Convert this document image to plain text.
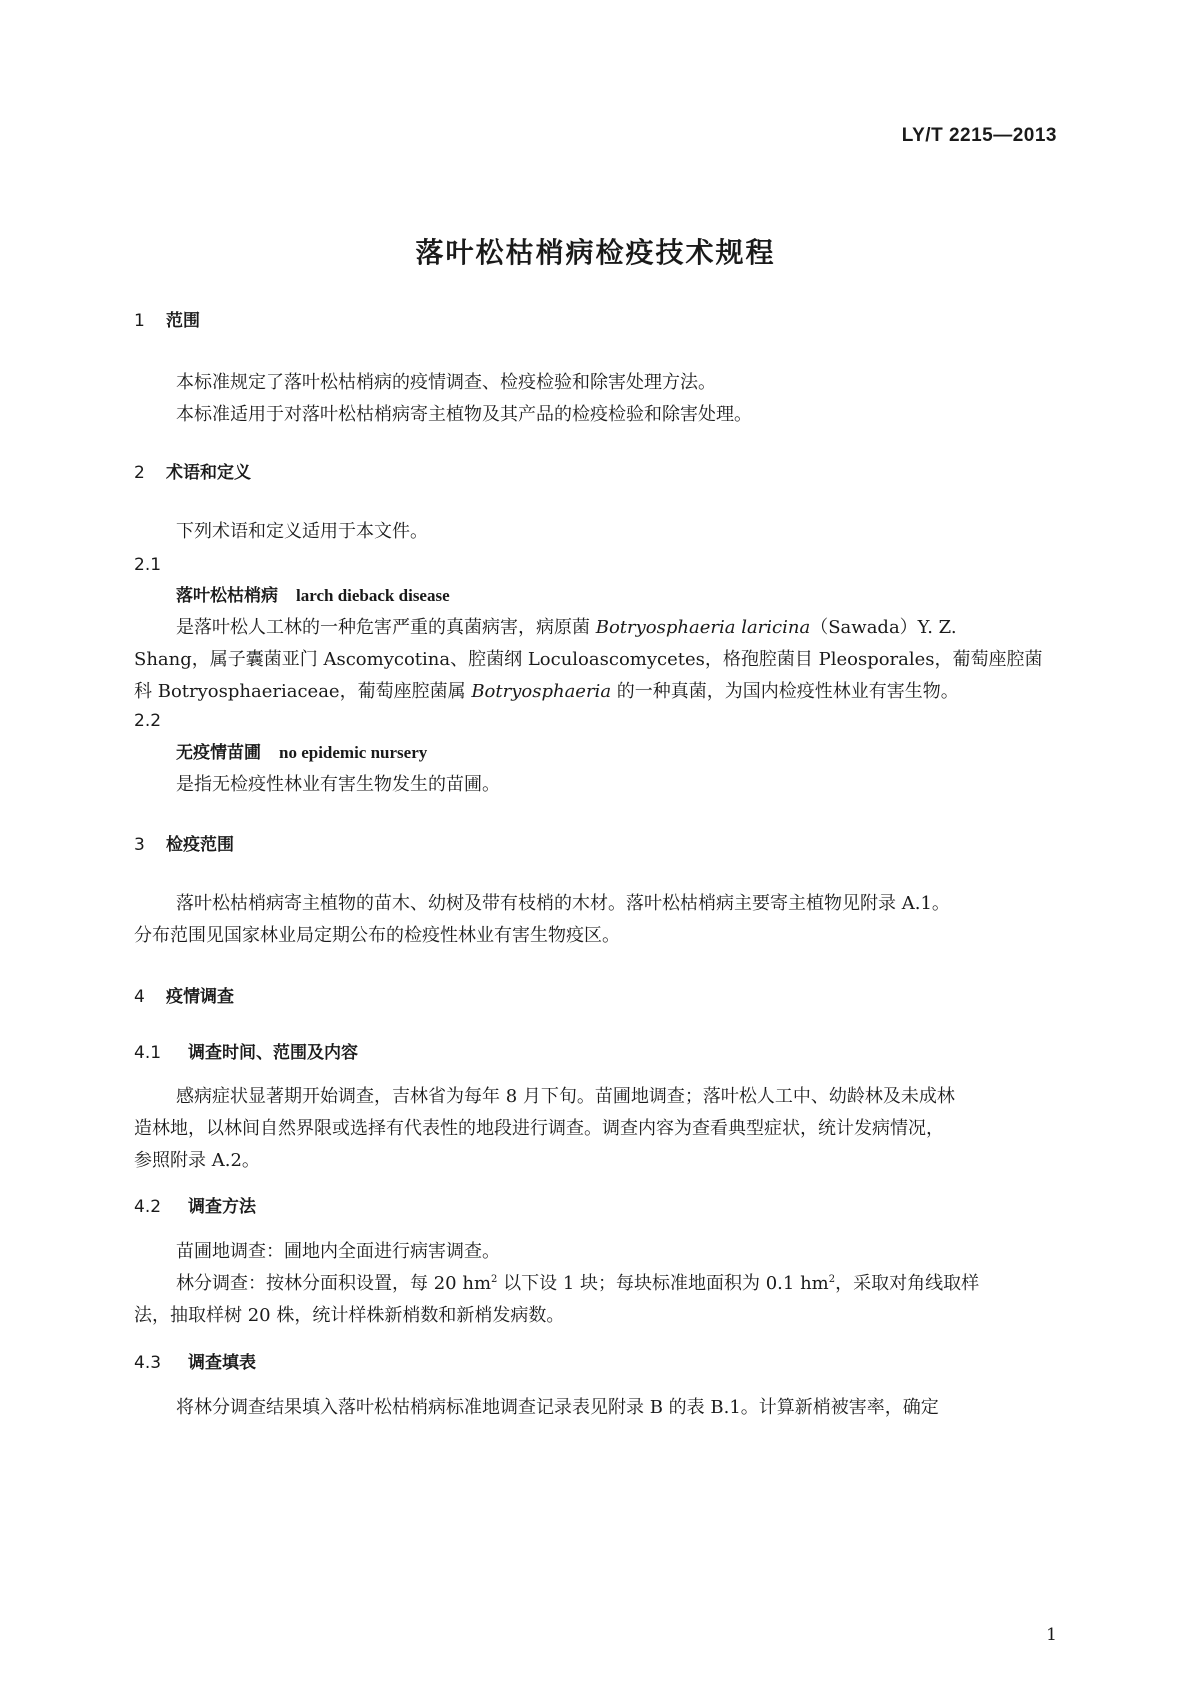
LY/T 2215—2013
落叶松枯梢病检疫技术规程
1 范围
本标准规定了落叶松枯梢病的疫情调查、检疫检验和除害处理方法。
本标准适用于对落叶松枯梢病寄主植物及其产品的检疫检验和除害处理。
2 术语和定义
下列术语和定义适用于本文件。
2.1
落叶松枯梢病 larch dieback disease
是落叶松人工林的一种危害严重的真菌病害，病原菌 Botryosphaeria laricina（Sawada）Y. Z.
Shang，属子囊菌亚门 Ascomycotina、腔菌纲 Loculoascomycetes，格孢腔菌目 Pleosporales，葡萄座腔菌
科 Botryosphaeriaceae，葡萄座腔菌属 Botryosphaeria 的一种真菌，为国内检疫性林业有害生物。
2.2
无疫情苗圃 no epidemic nursery
是指无检疫性林业有害生物发生的苗圃。
3 检疫范围
落叶松枯梢病寄主植物的苗木、幼树及带有枝梢的木材。落叶松枯梢病主要寄主植物见附录 A.1。
分布范围见国家林业局定期公布的检疫性林业有害生物疫区。
4 疫情调查
4.1 调查时间、范围及内容
感病症状显著期开始调查，吉林省为每年 8 月下旬。苗圃地调查；落叶松人工中、幼龄林及未成林
造林地，以林间自然界限或选择有代表性的地段进行调查。调查内容为查看典型症状，统计发病情况，
参照附录 A.2。
4.2 调查方法
苗圃地调查：圃地内全面进行病害调查。
林分调查：按林分面积设置，每 20 $hm^2$ 以下设 1 块；每块标准地面积为 0.1 $hm^2$，采取对角线取样
法，抽取样树 20 株，统计样株新梢数和新梢发病数。
4.3 调查填表
将林分调查结果填入落叶松枯梢病标准地调查记录表见附录 B 的表 B.1。计算新梢被害率，确定
1
